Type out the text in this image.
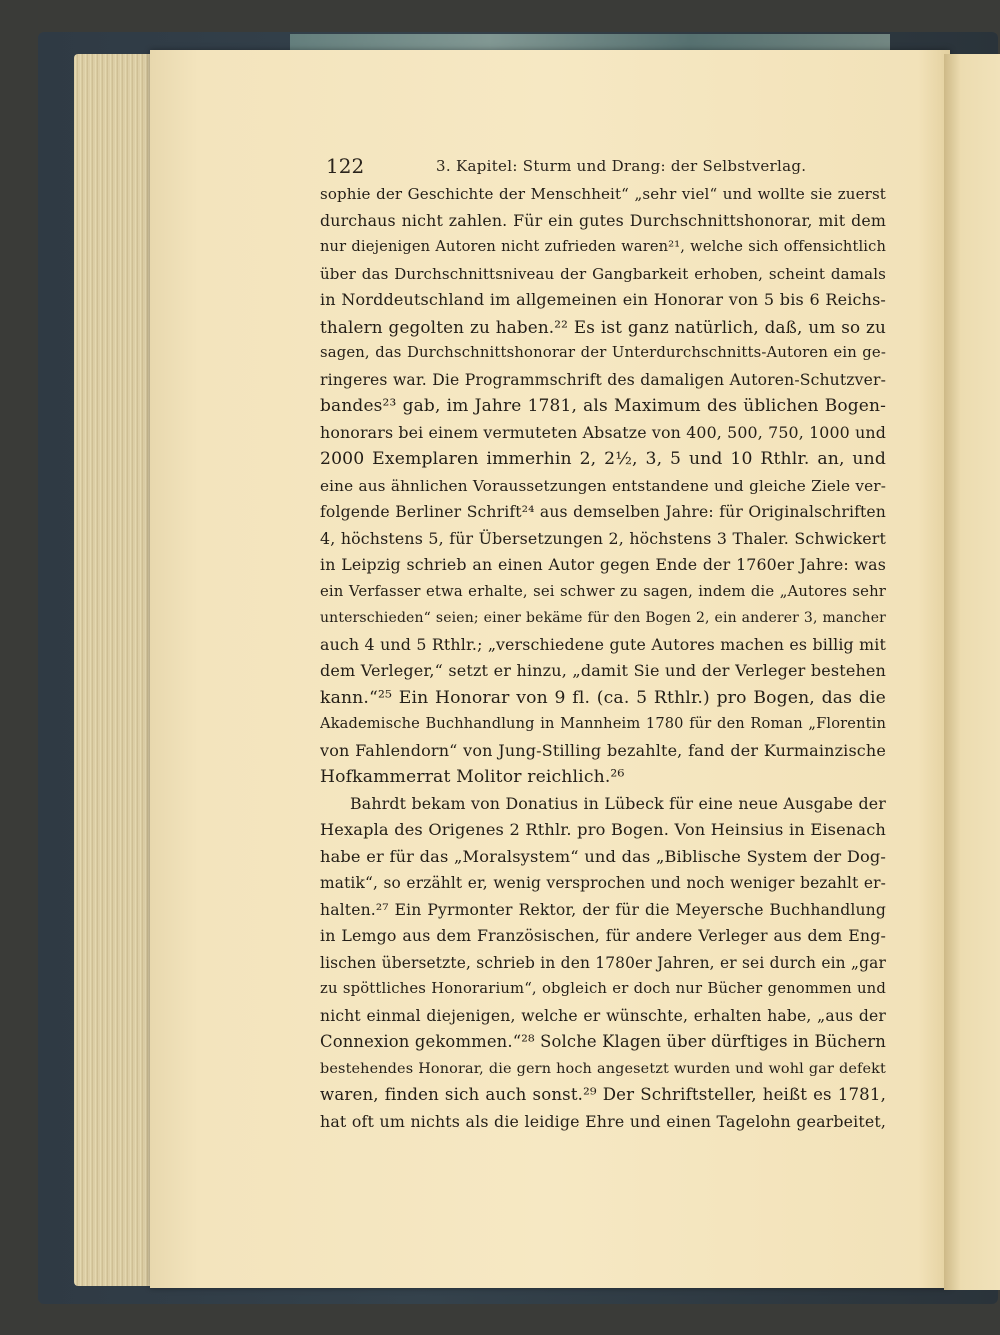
122	3. Kapitel: Sturm und Drang: der Selbstverlag.
sophie der Geschichte der Menschheit“ „sehr viel“ und wollte sie zuerst
durchaus nicht zahlen. Für ein gutes Durchschnittshonorar, mit dem
nur diejenigen Autoren nicht zufrieden waren²¹, welche sich offensichtlich
über das Durchschnittsniveau der Gangbarkeit erhoben, scheint damals
in Norddeutschland im allgemeinen ein Honorar von 5 bis 6 Reichs-
thalern gegolten zu haben.²² Es ist ganz natürlich, daß, um so zu
sagen, das Durchschnittshonorar der Unterdurchschnitts-Autoren ein ge-
ringeres war. Die Programmschrift des damaligen Autoren-Schutzver-
bandes²³ gab, im Jahre 1781, als Maximum des üblichen Bogen-
honorars bei einem vermuteten Absatze von 400, 500, 750, 1000 und
2000 Exemplaren immerhin 2, 2½, 3, 5 und 10 Rthlr. an, und
eine aus ähnlichen Voraussetzungen entstandene und gleiche Ziele ver-
folgende Berliner Schrift²⁴ aus demselben Jahre: für Originalschriften
4, höchstens 5, für Übersetzungen 2, höchstens 3 Thaler. Schwickert
in Leipzig schrieb an einen Autor gegen Ende der 1760er Jahre: was
ein Verfasser etwa erhalte, sei schwer zu sagen, indem die „Autores sehr
unterschieden“ seien; einer bekäme für den Bogen 2, ein anderer 3, mancher
auch 4 und 5 Rthlr.; „verschiedene gute Autores machen es billig mit
dem Verleger,“ setzt er hinzu, „damit Sie und der Verleger bestehen
kann.“²⁵ Ein Honorar von 9 fl. (ca. 5 Rthlr.) pro Bogen, das die
Akademische Buchhandlung in Mannheim 1780 für den Roman „Florentin
von Fahlendorn“ von Jung-Stilling bezahlte, fand der Kurmainzische
Hofkammerrat Molitor reichlich.²⁶
Bahrdt bekam von Donatius in Lübeck für eine neue Ausgabe der
Hexapla des Origenes 2 Rthlr. pro Bogen. Von Heinsius in Eisenach
habe er für das „Moralsystem“ und das „Biblische System der Dog-
matik“, so erzählt er, wenig versprochen und noch weniger bezahlt er-
halten.²⁷ Ein Pyrmonter Rektor, der für die Meyersche Buchhandlung
in Lemgo aus dem Französischen, für andere Verleger aus dem Eng-
lischen übersetzte, schrieb in den 1780er Jahren, er sei durch ein „gar
zu spöttliches Honorarium“, obgleich er doch nur Bücher genommen und
nicht einmal diejenigen, welche er wünschte, erhalten habe, „aus der
Connexion gekommen.“²⁸ Solche Klagen über dürftiges in Büchern
bestehendes Honorar, die gern hoch angesetzt wurden und wohl gar defekt
waren, finden sich auch sonst.²⁹ Der Schriftsteller, heißt es 1781,
hat oft um nichts als die leidige Ehre und einen Tagelohn gearbeitet,
